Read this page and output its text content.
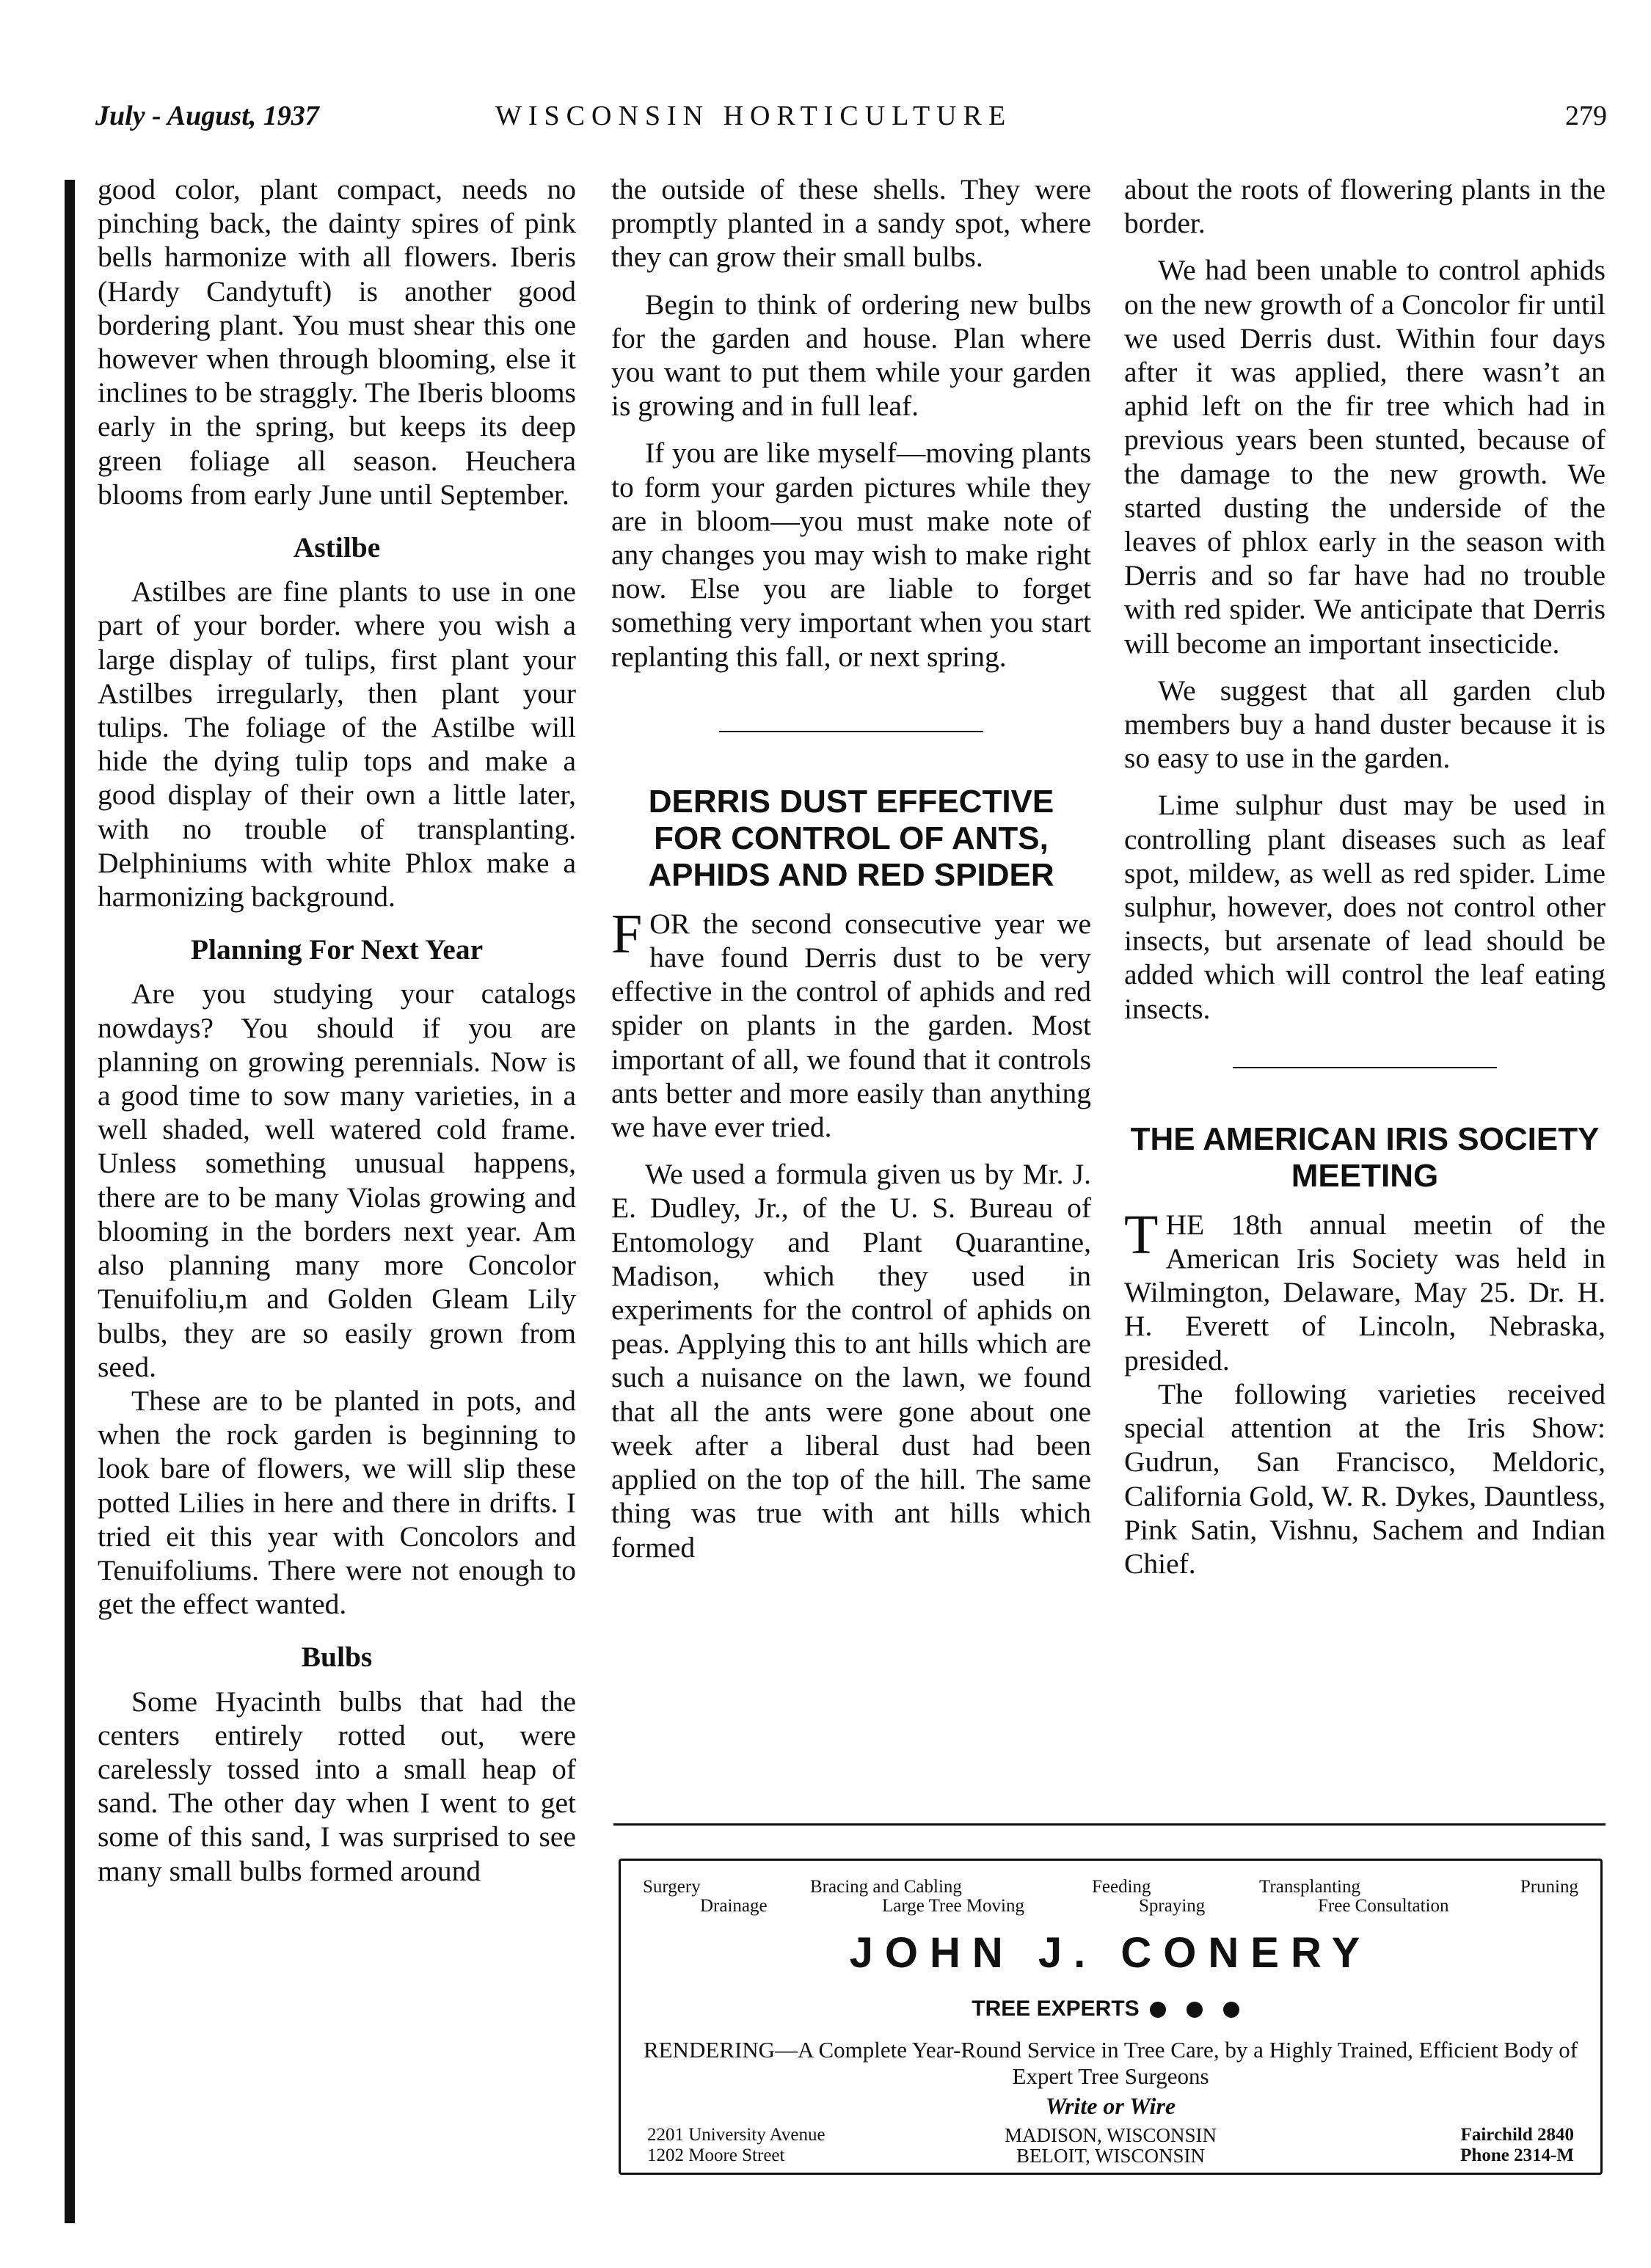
July - August, 1937	WISCONSIN HORTICULTURE	279

good color, plant compact, needs no pinching back, the dainty spires of pink bells harmonize with all flowers. Iberis (Hardy Candytuft) is another good bordering plant. You must shear this one however when through blooming, else it inclines to be straggly. The Iberis blooms early in the spring, but keeps its deep green foliage all season. Heuchera blooms from early June until September.

Astilbe

Astilbes are fine plants to use in one part of your border. where you wish a large display of tulips, first plant your Astilbes irregularly, then plant your tulips. The foliage of the Astilbe will hide the dying tulip tops and make a good display of their own a little later, with no trouble of transplanting. Delphiniums with white Phlox make a harmonizing background.

Planning For Next Year

Are you studying your catalogs nowdays? You should if you are planning on growing perennials. Now is a good time to sow many varieties, in a well shaded, well watered cold frame. Unless something unusual happens, there are to be many Violas growing and blooming in the borders next year. Am also planning many more Concolor Tenuifoliu,m and Golden Gleam Lily bulbs, they are so easily grown from seed.

These are to be planted in pots, and when the rock garden is beginning to look bare of flowers, we will slip these potted Lilies in here and there in drifts. I tried eit this year with Concolors and Tenuifoliums. There were not enough to get the effect wanted.

Bulbs

Some Hyacinth bulbs that had the centers entirely rotted out, were carelessly tossed into a small heap of sand. The other day when I went to get some of this sand, I was surprised to see many small bulbs formed around

the outside of these shells. They were promptly planted in a sandy spot, where they can grow their small bulbs.

Begin to think of ordering new bulbs for the garden and house. Plan where you want to put them while your garden is growing and in full leaf.

If you are like myself—moving plants to form your garden pictures while they are in bloom—you must make note of any changes you may wish to make right now. Else you are liable to forget something very important when you start replanting this fall, or next spring.

DERRIS DUST EFFECTIVE FOR CONTROL OF ANTS, APHIDS AND RED SPIDER

FOR the second consecutive year we have found Derris dust to be very effective in the control of aphids and red spider on plants in the garden. Most important of all, we found that it controls ants better and more easily than anything we have ever tried.

We used a formula given us by Mr. J. E. Dudley, Jr., of the U. S. Bureau of Entomology and Plant Quarantine, Madison, which they used in experiments for the control of aphids on peas. Applying this to ant hills which are such a nuisance on the lawn, we found that all the ants were gone about one week after a liberal dust had been applied on the top of the hill. The same thing was true with ant hills which formed

about the roots of flowering plants in the border.

We had been unable to control aphids on the new growth of a Concolor fir until we used Derris dust. Within four days after it was applied, there wasn’t an aphid left on the fir tree which had in previous years been stunted, because of the damage to the new growth. We started dusting the underside of the leaves of phlox early in the season with Derris and so far have had no trouble with red spider. We anticipate that Derris will become an important insecticide.

We suggest that all garden club members buy a hand duster because it is so easy to use in the garden.

Lime sulphur dust may be used in controlling plant diseases such as leaf spot, mildew, as well as red spider. Lime sulphur, however, does not control other insects, but arsenate of lead should be added which will control the leaf eating insects.

THE AMERICAN IRIS SOCIETY MEETING

THE 18th annual meetin of the American Iris Society was held in Wilmington, Delaware, May 25. Dr. H. H. Everett of Lincoln, Nebraska, presided.

The following varieties received special attention at the Iris Show: Gudrun, San Francisco, Meldoric, California Gold, W. R. Dykes, Dauntless, Pink Satin, Vishnu, Sachem and Indian Chief.

Surgery	Bracing and Cabling	Feeding	Transplanting	Pruning
Drainage	Large Tree Moving	Spraying	Free Consultation
JOHN J. CONERY
TREE EXPERTS
RENDERING—A Complete Year-Round Service in Tree Care, by a Highly Trained, Efficient Body of Expert Tree Surgeons
Write or Wire
2201 University Avenue
1202 Moore Street
MADISON, WISCONSIN
BELOIT, WISCONSIN
Fairchild 2840
Phone 2314-M
